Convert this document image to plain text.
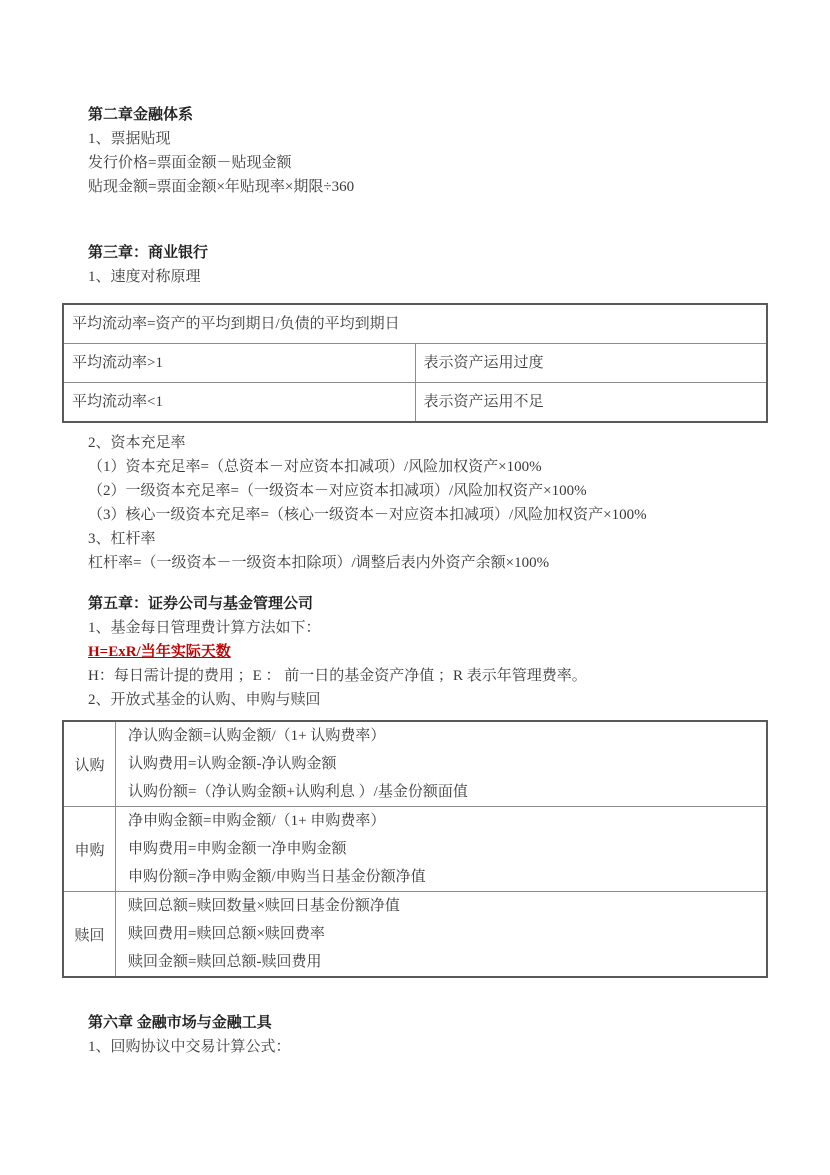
第二章金融体系

1、票据贴现

发行价格=票面金额－贴现金额

贴现金额=票面金额×年贴现率×期限÷360

第三章：商业银行

1、速度对称原理

平均流动率=资产的平均到期日/负债的平均到期日	
平均流动率>1	表示资产运用过度
平均流动率<1	表示资产运用不足

2、资本充足率

（1）资本充足率=（总资本－对应资本扣减项）/风险加权资产×100%

（2）一级资本充足率=（一级资本－对应资本扣减项）/风险加权资产×100%

（3）核心一级资本充足率=（核心一级资本－对应资本扣减项）/风险加权资产×100%

3、杠杆率

杠杆率=（一级资本－一级资本扣除项）/调整后表内外资产余额×100%

第五章：证券公司与基金管理公司

1、基金每日管理费计算方法如下：

H=ExR/当年实际天数

H：每日需计提的费用 ；E ： 前一日的基金资产净值 ；R 表示年管理费率。

2、开放式基金的认购、申购与赎回

认购	净认购金额=认购金额/（1+ 认购费率）

认购费用=认购金额-净认购金额

认购份额=（净认购金额+认购利息 ）/基金份额面值

申购	净申购金额=申购金额/（1+ 申购费率）

申购费用=申购金额一净申购金额

申购份额=净申购金额/申购当日基金份额净值

赎回	赎回总额=赎回数量×赎回日基金份额净值

赎回费用=赎回总额×赎回费率

赎回金额=赎回总额-赎回费用

第六章 金融市场与金融工具

1、回购协议中交易计算公式：
